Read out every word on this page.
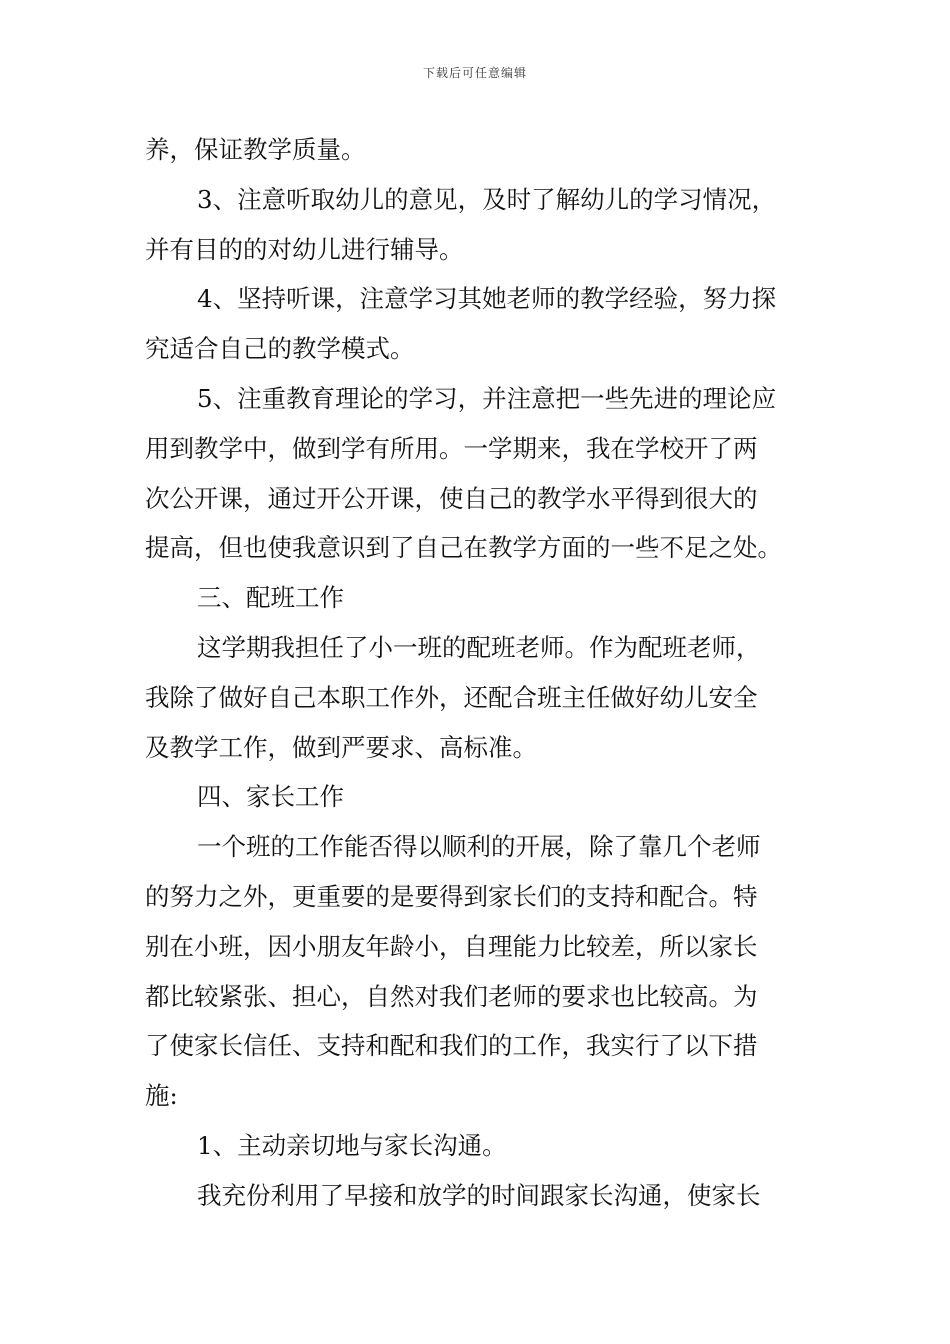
下载后可任意编辑
养，保证教学质量。
3、注意听取幼儿的意见，及时了解幼儿的学习情况，
并有目的的对幼儿进行辅导。
4、坚持听课，注意学习其她老师的教学经验，努力探
究适合自己的教学模式。
5、注重教育理论的学习，并注意把一些先进的理论应
用到教学中，做到学有所用。一学期来，我在学校开了两
次公开课，通过开公开课，使自己的教学水平得到很大的
提高，但也使我意识到了自己在教学方面的一些不足之处。
三、配班工作
这学期我担任了小一班的配班老师。作为配班老师，
我除了做好自己本职工作外，还配合班主任做好幼儿安全
及教学工作，做到严要求、高标准。
四、家长工作
一个班的工作能否得以顺利的开展，除了靠几个老师
的努力之外，更重要的是要得到家长们的支持和配合。特
别在小班，因小朋友年龄小，自理能力比较差，所以家长
都比较紧张、担心，自然对我们老师的要求也比较高。为
了使家长信任、支持和配和我们的工作，我实行了以下措
施:
1、主动亲切地与家长沟通。
我充份利用了早接和放学的时间跟家长沟通，使家长
